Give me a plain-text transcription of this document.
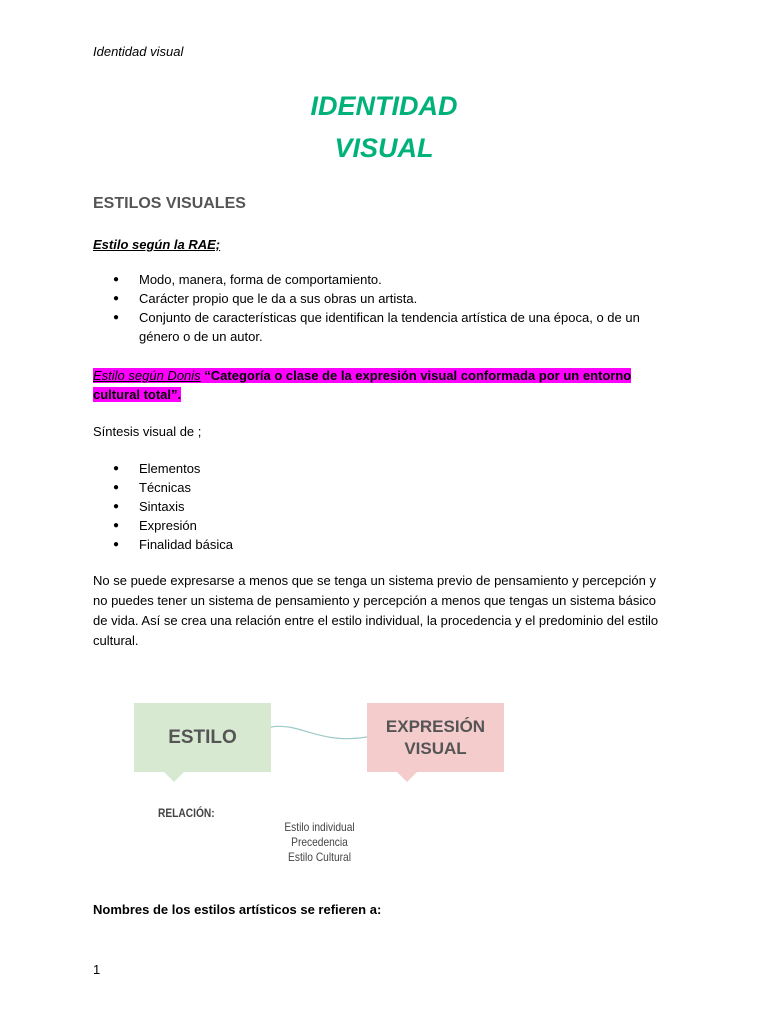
Identidad visual
IDENTIDAD
VISUAL
ESTILOS VISUALES
Estilo según la RAE;
● Modo, manera, forma de comportamiento.
● Carácter propio que le da a sus obras un artista.
● Conjunto de características que identifican la tendencia artística de una época, o de un género o de un autor.
Estilo según Donis “Categoría o clase de la expresión visual conformada por un entorno cultural total”.
Síntesis visual de ;
● Elementos
● Técnicas
● Sintaxis
● Expresión
● Finalidad básica
No se puede expresarse a menos que se tenga un sistema previo de pensamiento y percepción y no puedes tener un sistema de pensamiento y percepción a menos que tengas un sistema básico de vida. Así se crea una relación entre el estilo individual, la procedencia y el predominio del estilo cultural.
ESTILO
EXPRESIÓN
VISUAL
RELACIÓN:
Estilo individual
Precedencia
Estilo Cultural
Nombres de los estilos artísticos se refieren a:
1
